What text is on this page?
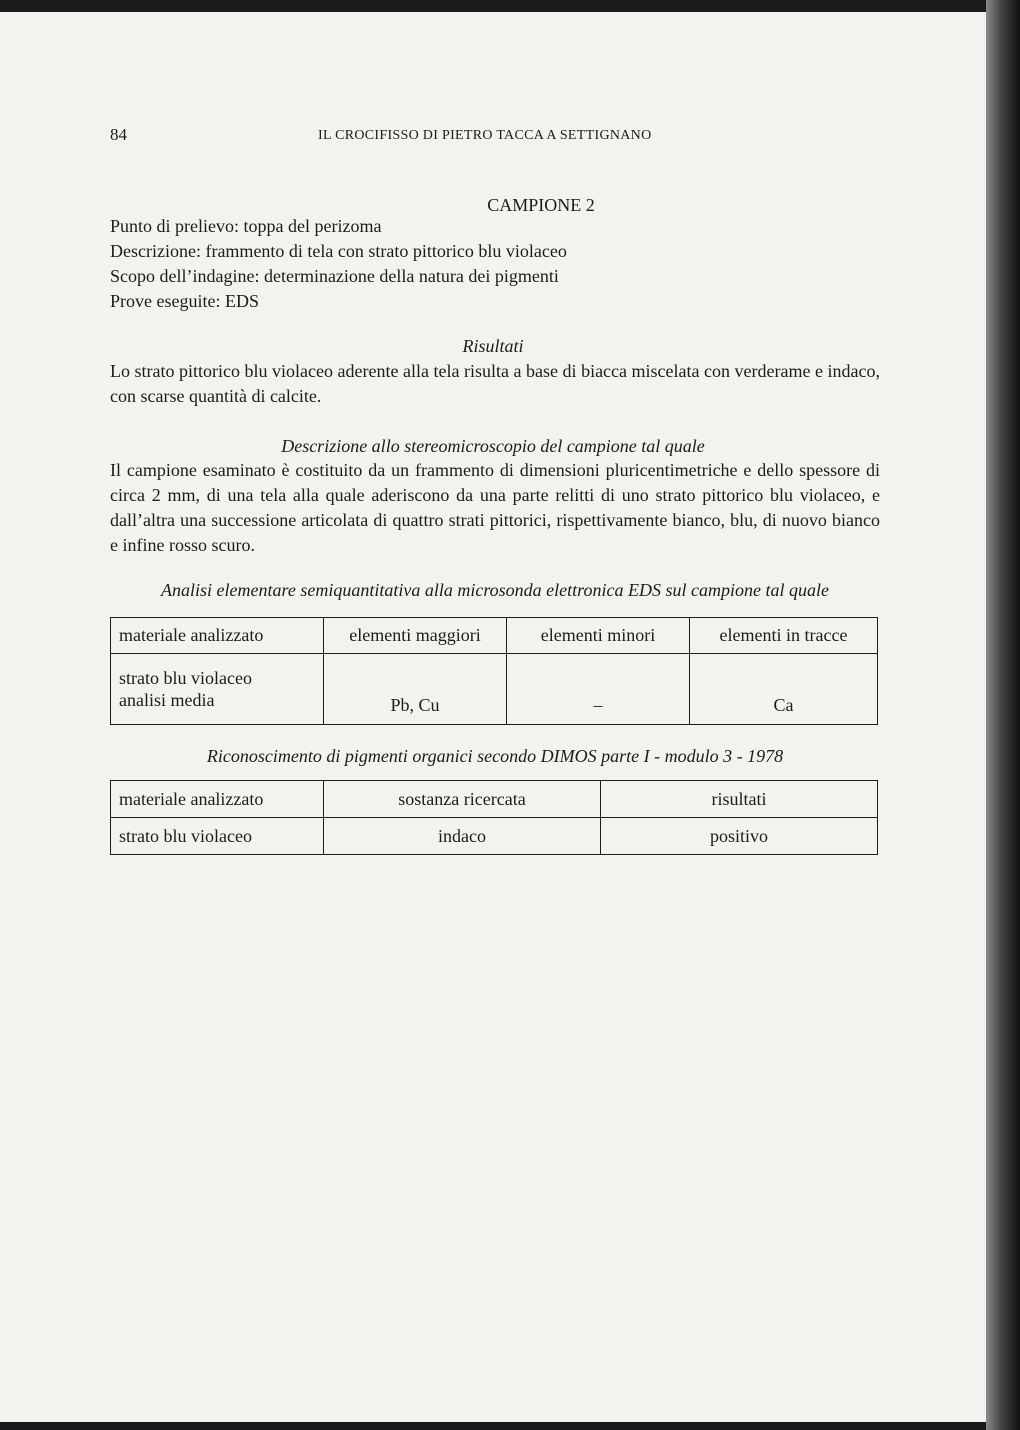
84	IL CROCIFISSO DI PIETRO TACCA A SETTIGNANO

CAMPIONE 2

Punto di prelievo: toppa del perizoma
Descrizione: frammento di tela con strato pittorico blu violaceo
Scopo dell’indagine: determinazione della natura dei pigmenti
Prove eseguite: EDS

Risultati

Lo strato pittorico blu violaceo aderente alla tela risulta a base di biacca miscelata con verderame e indaco, con scarse quantità di calcite.

Descrizione allo stereomicroscopio del campione tal quale

Il campione esaminato è costituito da un frammento di dimensioni pluricentimetriche e dello spessore di circa 2 mm, di una tela alla quale aderiscono da una parte relitti di uno strato pittorico blu violaceo, e dall’altra una successione articolata di quattro strati pittorici, rispettivamente bianco, blu, di nuovo bianco e infine rosso scuro.

Analisi elementare semiquantitativa alla microsonda elettronica EDS sul campione tal quale

materiale analizzato	elementi maggiori	elementi minori	elementi in tracce

strato blu violaceo
analisi media	Pb, Cu	–	Ca

Riconoscimento di pigmenti organici secondo DIMOS parte I - modulo 3 - 1978

materiale analizzato	sostanza ricercata	risultati
strato blu violaceo	indaco	positivo
